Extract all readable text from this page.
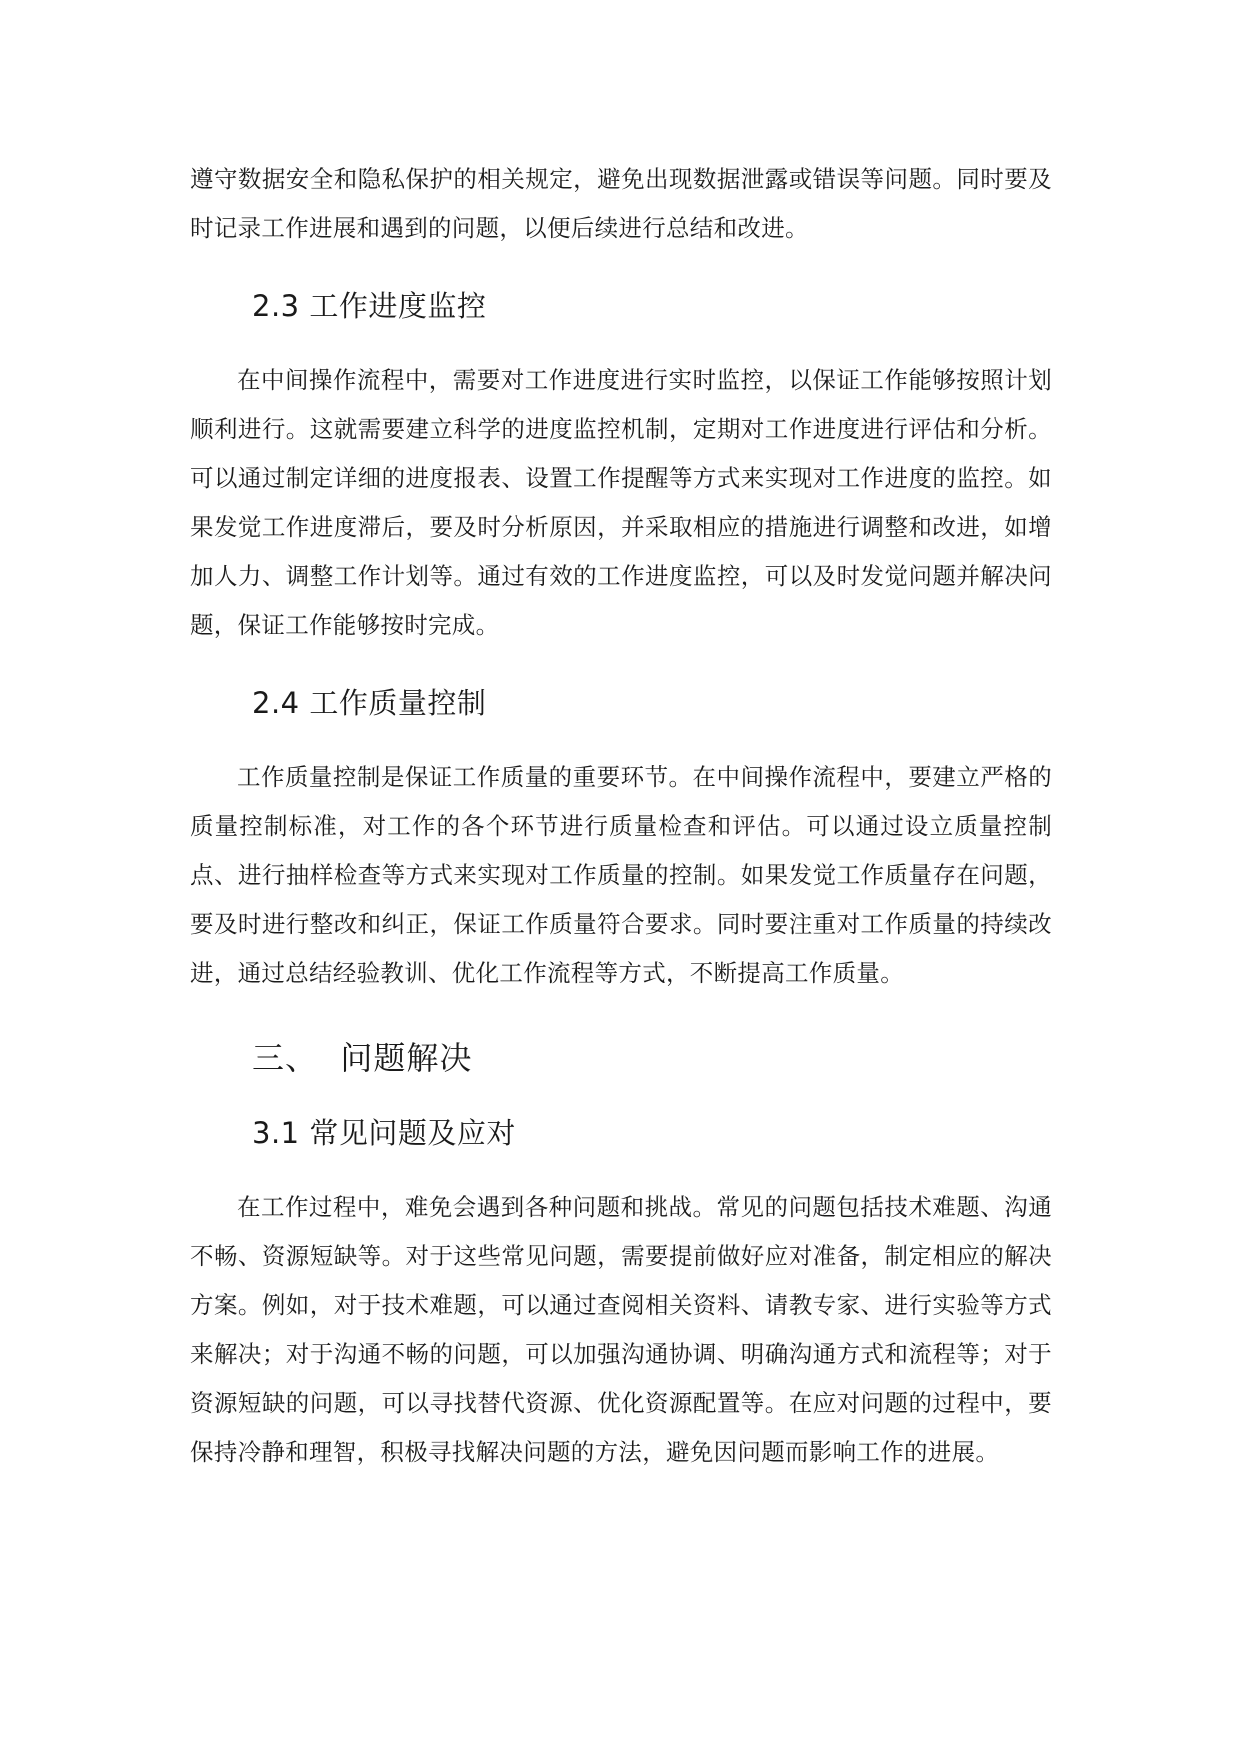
遵守数据安全和隐私保护的相关规定，避免出现数据泄露或错误等问题。同时要及时记录工作进展和遇到的问题，以便后续进行总结和改进。

2.3 工作进度监控

在中间操作流程中，需要对工作进度进行实时监控，以保证工作能够按照计划顺利进行。这就需要建立科学的进度监控机制，定期对工作进度进行评估和分析。可以通过制定详细的进度报表、设置工作提醒等方式来实现对工作进度的监控。如果发觉工作进度滞后，要及时分析原因，并采取相应的措施进行调整和改进，如增加人力、调整工作计划等。通过有效的工作进度监控，可以及时发觉问题并解决问题，保证工作能够按时完成。

2.4 工作质量控制

工作质量控制是保证工作质量的重要环节。在中间操作流程中，要建立严格的质量控制标准，对工作的各个环节进行质量检查和评估。可以通过设立质量控制点、进行抽样检查等方式来实现对工作质量的控制。如果发觉工作质量存在问题，要及时进行整改和纠正，保证工作质量符合要求。同时要注重对工作质量的持续改进，通过总结经验教训、优化工作流程等方式，不断提高工作质量。

三、  问题解决
3.1 常见问题及应对

在工作过程中，难免会遇到各种问题和挑战。常见的问题包括技术难题、沟通不畅、资源短缺等。对于这些常见问题，需要提前做好应对准备，制定相应的解决方案。例如，对于技术难题，可以通过查阅相关资料、请教专家、进行实验等方式来解决；对于沟通不畅的问题，可以加强沟通协调、明确沟通方式和流程等；对于资源短缺的问题，可以寻找替代资源、优化资源配置等。在应对问题的过程中，要保持冷静和理智，积极寻找解决问题的方法，避免因问题而影响工作的进展。
